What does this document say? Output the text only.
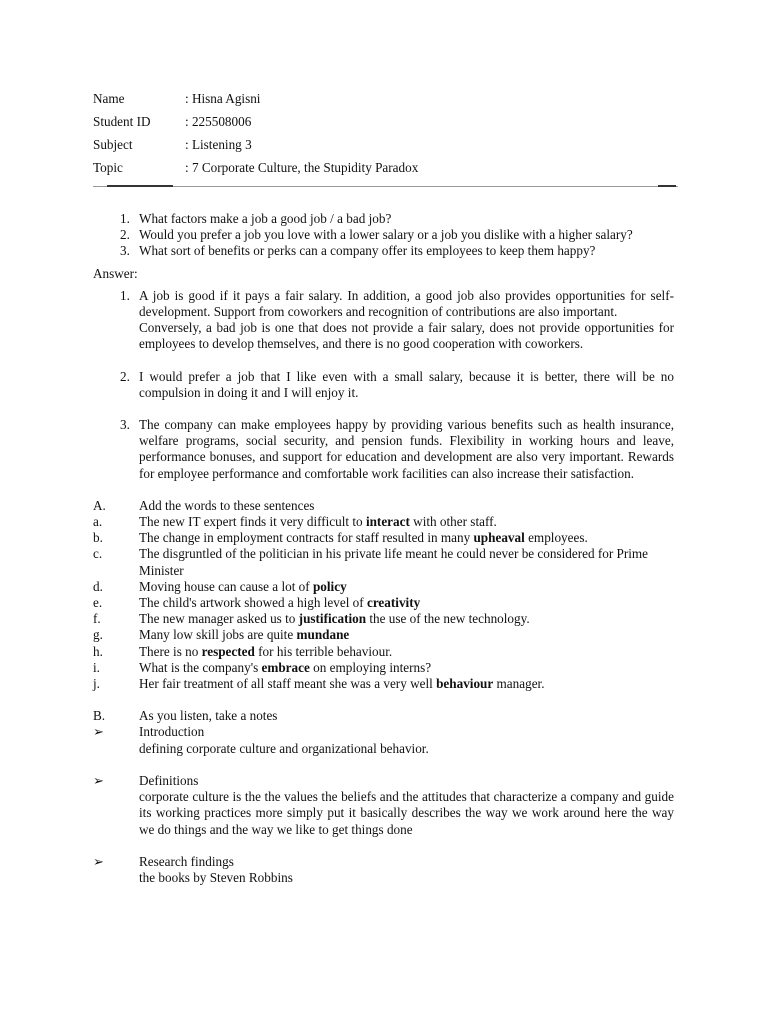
Name	: Hisna Agisni
Student ID	: 225508006
Subject	: Listening 3
Topic	: 7 Corporate Culture, the Stupidity Paradox
1. What factors make a job a good job / a bad job?
2. Would you prefer a job you love with a lower salary or a job you dislike with a higher salary?
3. What sort of benefits or perks can a company offer its employees to keep them happy?
Answer:
1. A job is good if it pays a fair salary. In addition, a good job also provides opportunities for self-development. Support from coworkers and recognition of contributions are also important.
Conversely, a bad job is one that does not provide a fair salary, does not provide opportunities for employees to develop themselves, and there is no good cooperation with coworkers.
2. I would prefer a job that I like even with a small salary, because it is better, there will be no compulsion in doing it and I will enjoy it.
3. The company can make employees happy by providing various benefits such as health insurance, welfare programs, social security, and pension funds. Flexibility in working hours and leave, performance bonuses, and support for education and development are also very important. Rewards for employee performance and comfortable work facilities can also increase their satisfaction.
A.	Add the words to these sentences
a.	The new IT expert finds it very difficult to interact with other staff.
b.	The change in employment contracts for staff resulted in many upheaval employees.
c.	The disgruntled of the politician in his private life meant he could never be considered for Prime Minister
d.	Moving house can cause a lot of policy
e.	The child's artwork showed a high level of creativity
f.	The new manager asked us to justification the use of the new technology.
g.	Many low skill jobs are quite mundane
h.	There is no respected for his terrible behaviour.
i.	What is the company's embrace on employing interns?
j.	Her fair treatment of all staff meant she was a very well behaviour manager.
B.	As you listen, take a notes
➢	Introduction
defining corporate culture and organizational behavior.
➢	Definitions
corporate culture is the the values the beliefs and the attitudes that characterize a company and guide its working practices more simply put it basically describes the way we work around here the way we do things and the way we like to get things done
➢	Research findings
the books by Steven Robbins
